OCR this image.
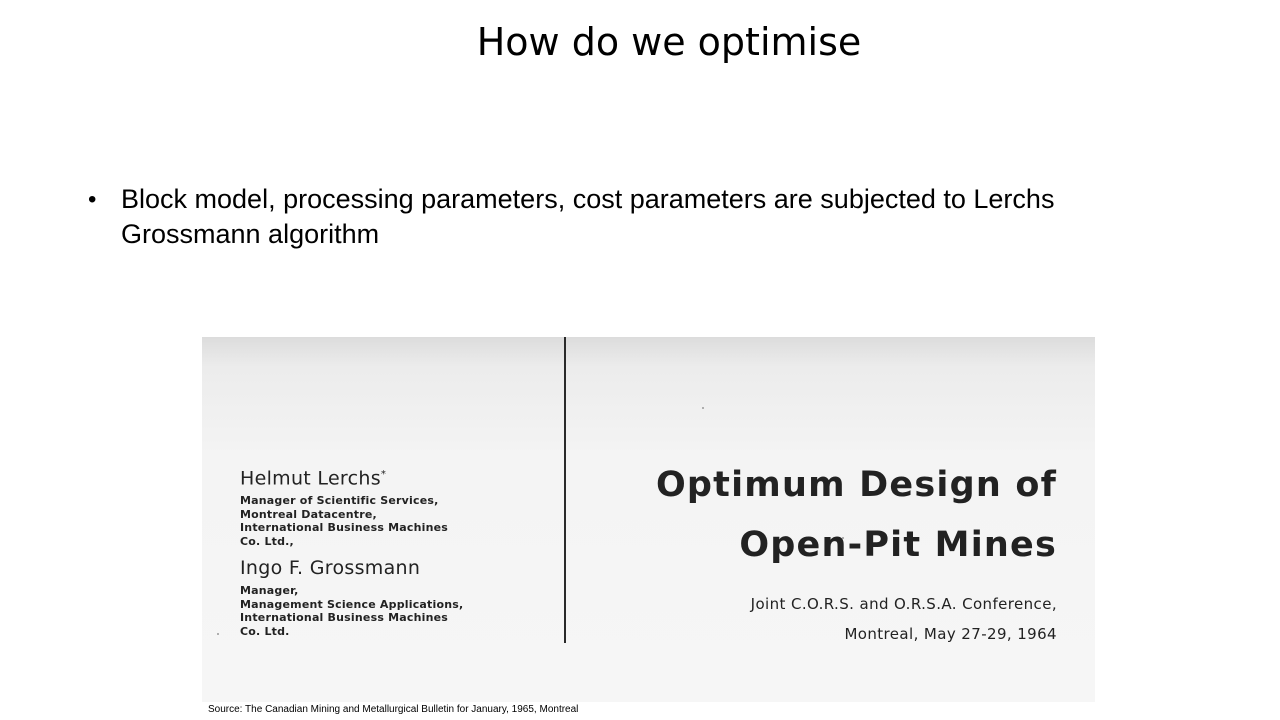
How do we optimise
• Block model, processing parameters, cost parameters are subjected to Lerchs Grossmann algorithm

Helmut Lerchs*

Manager of Scientific Services,
Montreal Datacentre,
International Business Machines
Co. Ltd.,

Ingo F. Grossmann

Manager,
Management Science Applications,
International Business Machines
Co. Ltd.

Optimum Design of
Open-Pit Mines

Joint C.O.R.S. and O.R.S.A. Conference,

Montreal, May 27-29, 1964

Source: The Canadian Mining and Metallurgical Bulletin for January, 1965, Montreal
